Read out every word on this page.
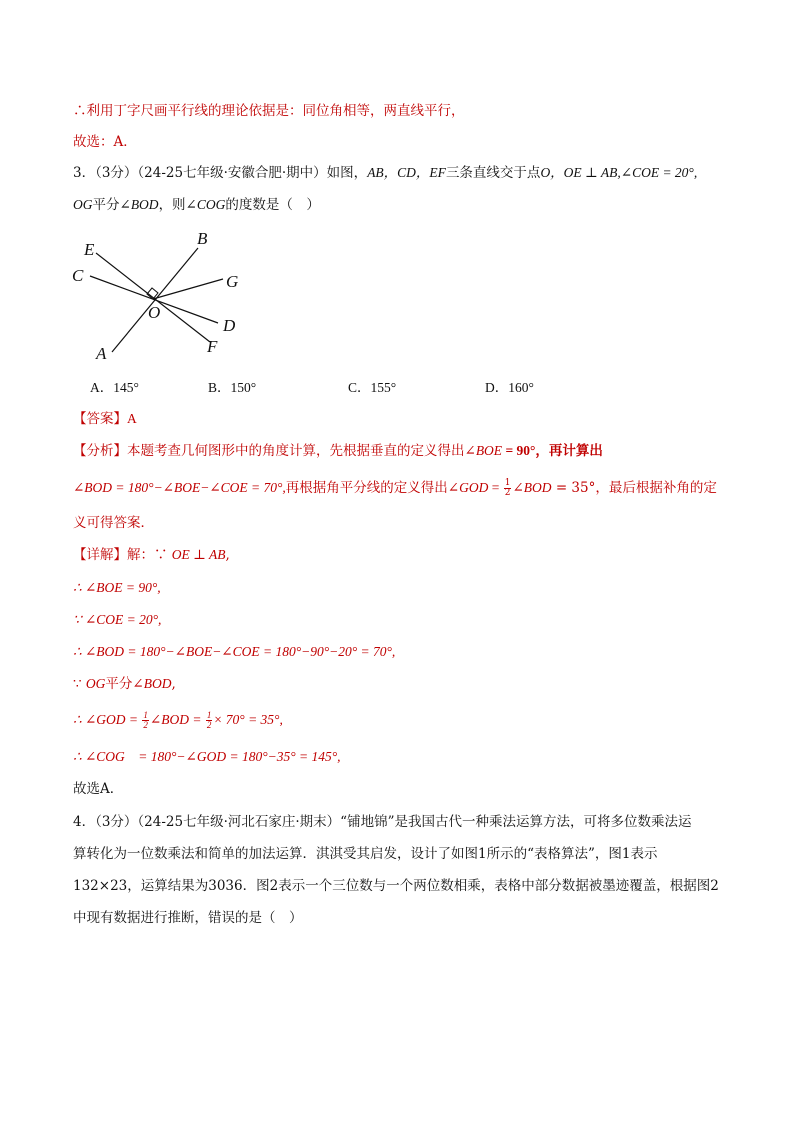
∴利用丁字尺画平行线的理论依据是：同位角相等，两直线平行，
故选：A．
3．（3分）（24-25七年级·安徽合肥·期中）如图，AB，CD，EF三条直线交于点O，OE ⊥ AB,∠COE = 20°,
OG平分∠BOD，则∠COG的度数是（　）
E
B
C	G
O
D
A	F
A．145°	B．150°	C．155°	D．160°
【答案】A
【分析】本题考查几何图形中的角度计算，先根据垂直的定义得出∠BOE = 90°，再计算出
∠BOD = 180°−∠BOE−∠COE = 70°,再根据角平分线的定义得出∠GOD = $\frac{1}{2}$ ∠BOD = 35°，最后根据补角的定
义可得答案．
【详解】解：∵ OE ⊥ AB,
∴ ∠BOE = 90°,
∵ ∠COE = 20°,
∴ ∠BOD = 180°−∠BOE−∠COE = 180°−90°−20° = 70°,
∵ OG平分∠BOD,
∴ ∠GOD = $\frac{1}{2}$ ∠BOD = $\frac{1}{2} \times 70^\circ = 35^\circ$,
∴ ∠COG　= 180°−∠GOD = 180°−35° = 145°,
故选A．
4．（3分）（24-25七年级·河北石家庄·期末）“铺地锦”是我国古代一种乘法运算方法，可将多位数乘法运
算转化为一位数乘法和简单的加法运算．淇淇受其启发，设计了如图1所示的“表格算法”，图1表示
132×23，运算结果为3036．图2表示一个三位数与一个两位数相乘，表格中部分数据被墨迹覆盖，根据图2
中现有数据进行推断，错误的是（　）
